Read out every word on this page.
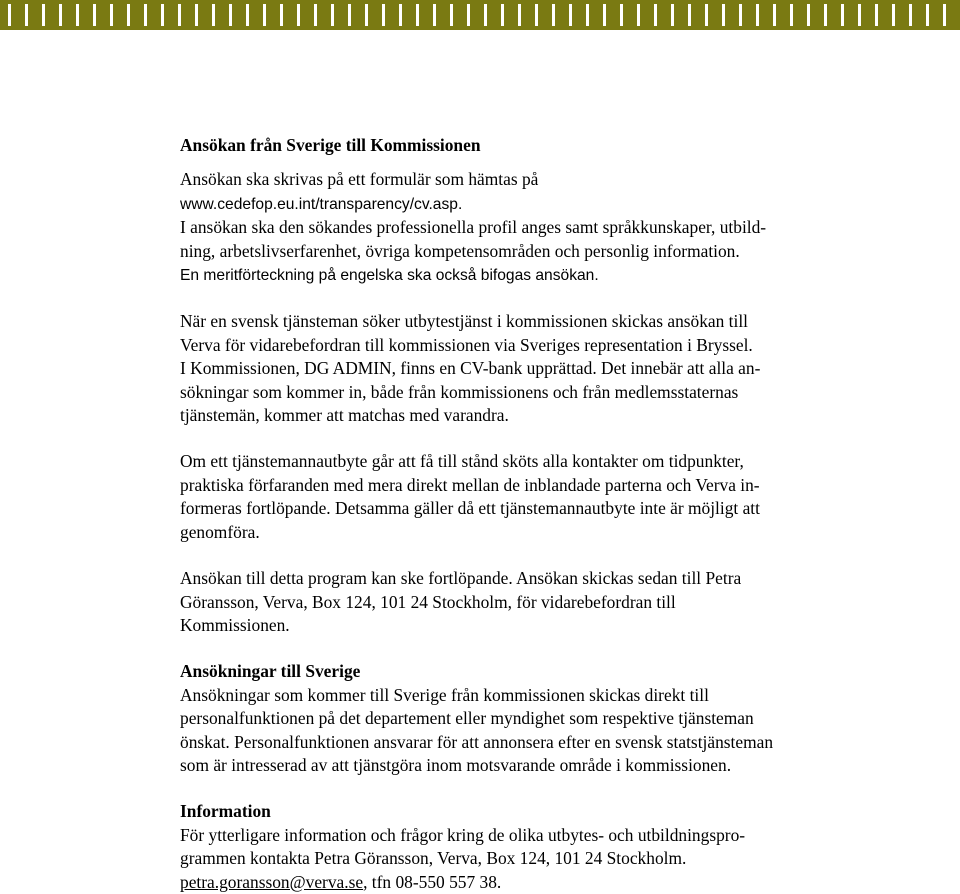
Ansökan från Sverige till Kommissionen

Ansökan ska skrivas på ett formulär som hämtas på
www.cedefop.eu.int/transparency/cv.asp.
I ansökan ska den sökandes professionella profil anges samt språkkunskaper, utbild-
ning, arbetslivserfarenhet, övriga kompetensområden och personlig information.
En meritförteckning på engelska ska också bifogas ansökan.

När en svensk tjänsteman söker utbytestjänst i kommissionen skickas ansökan till
Verva för vidarebefordran till kommissionen via Sveriges representation i Bryssel.
I Kommissionen, DG ADMIN, finns en CV-bank upprättad. Det innebär att alla an-
sökningar som kommer in, både från kommissionens och från medlemsstaternas
tjänstemän, kommer att matchas med varandra.

Om ett tjänstemannautbyte går att få till stånd sköts alla kontakter om tidpunkter,
praktiska förfaranden med mera direkt mellan de inblandade parterna och Verva in-
formeras fortlöpande. Detsamma gäller då ett tjänstemannautbyte inte är möjligt att
genomföra.

Ansökan till detta program kan ske fortlöpande. Ansökan skickas sedan till Petra
Göransson, Verva, Box 124, 101 24 Stockholm, för vidarebefordran till
Kommissionen.

Ansökningar till Sverige

Ansökningar som kommer till Sverige från kommissionen skickas direkt till
personalfunktionen på det departement eller myndighet som respektive tjänsteman
önskat. Personalfunktionen ansvarar för att annonsera efter en svensk statstjänsteman
som är intresserad av att tjänstgöra inom motsvarande område i kommissionen.

Information

För ytterligare information och frågor kring de olika utbytes- och utbildningspro-
grammen kontakta Petra Göransson, Verva, Box 124, 101 24 Stockholm.
petra.goransson@verva.se, tfn 08-550 557 38.
